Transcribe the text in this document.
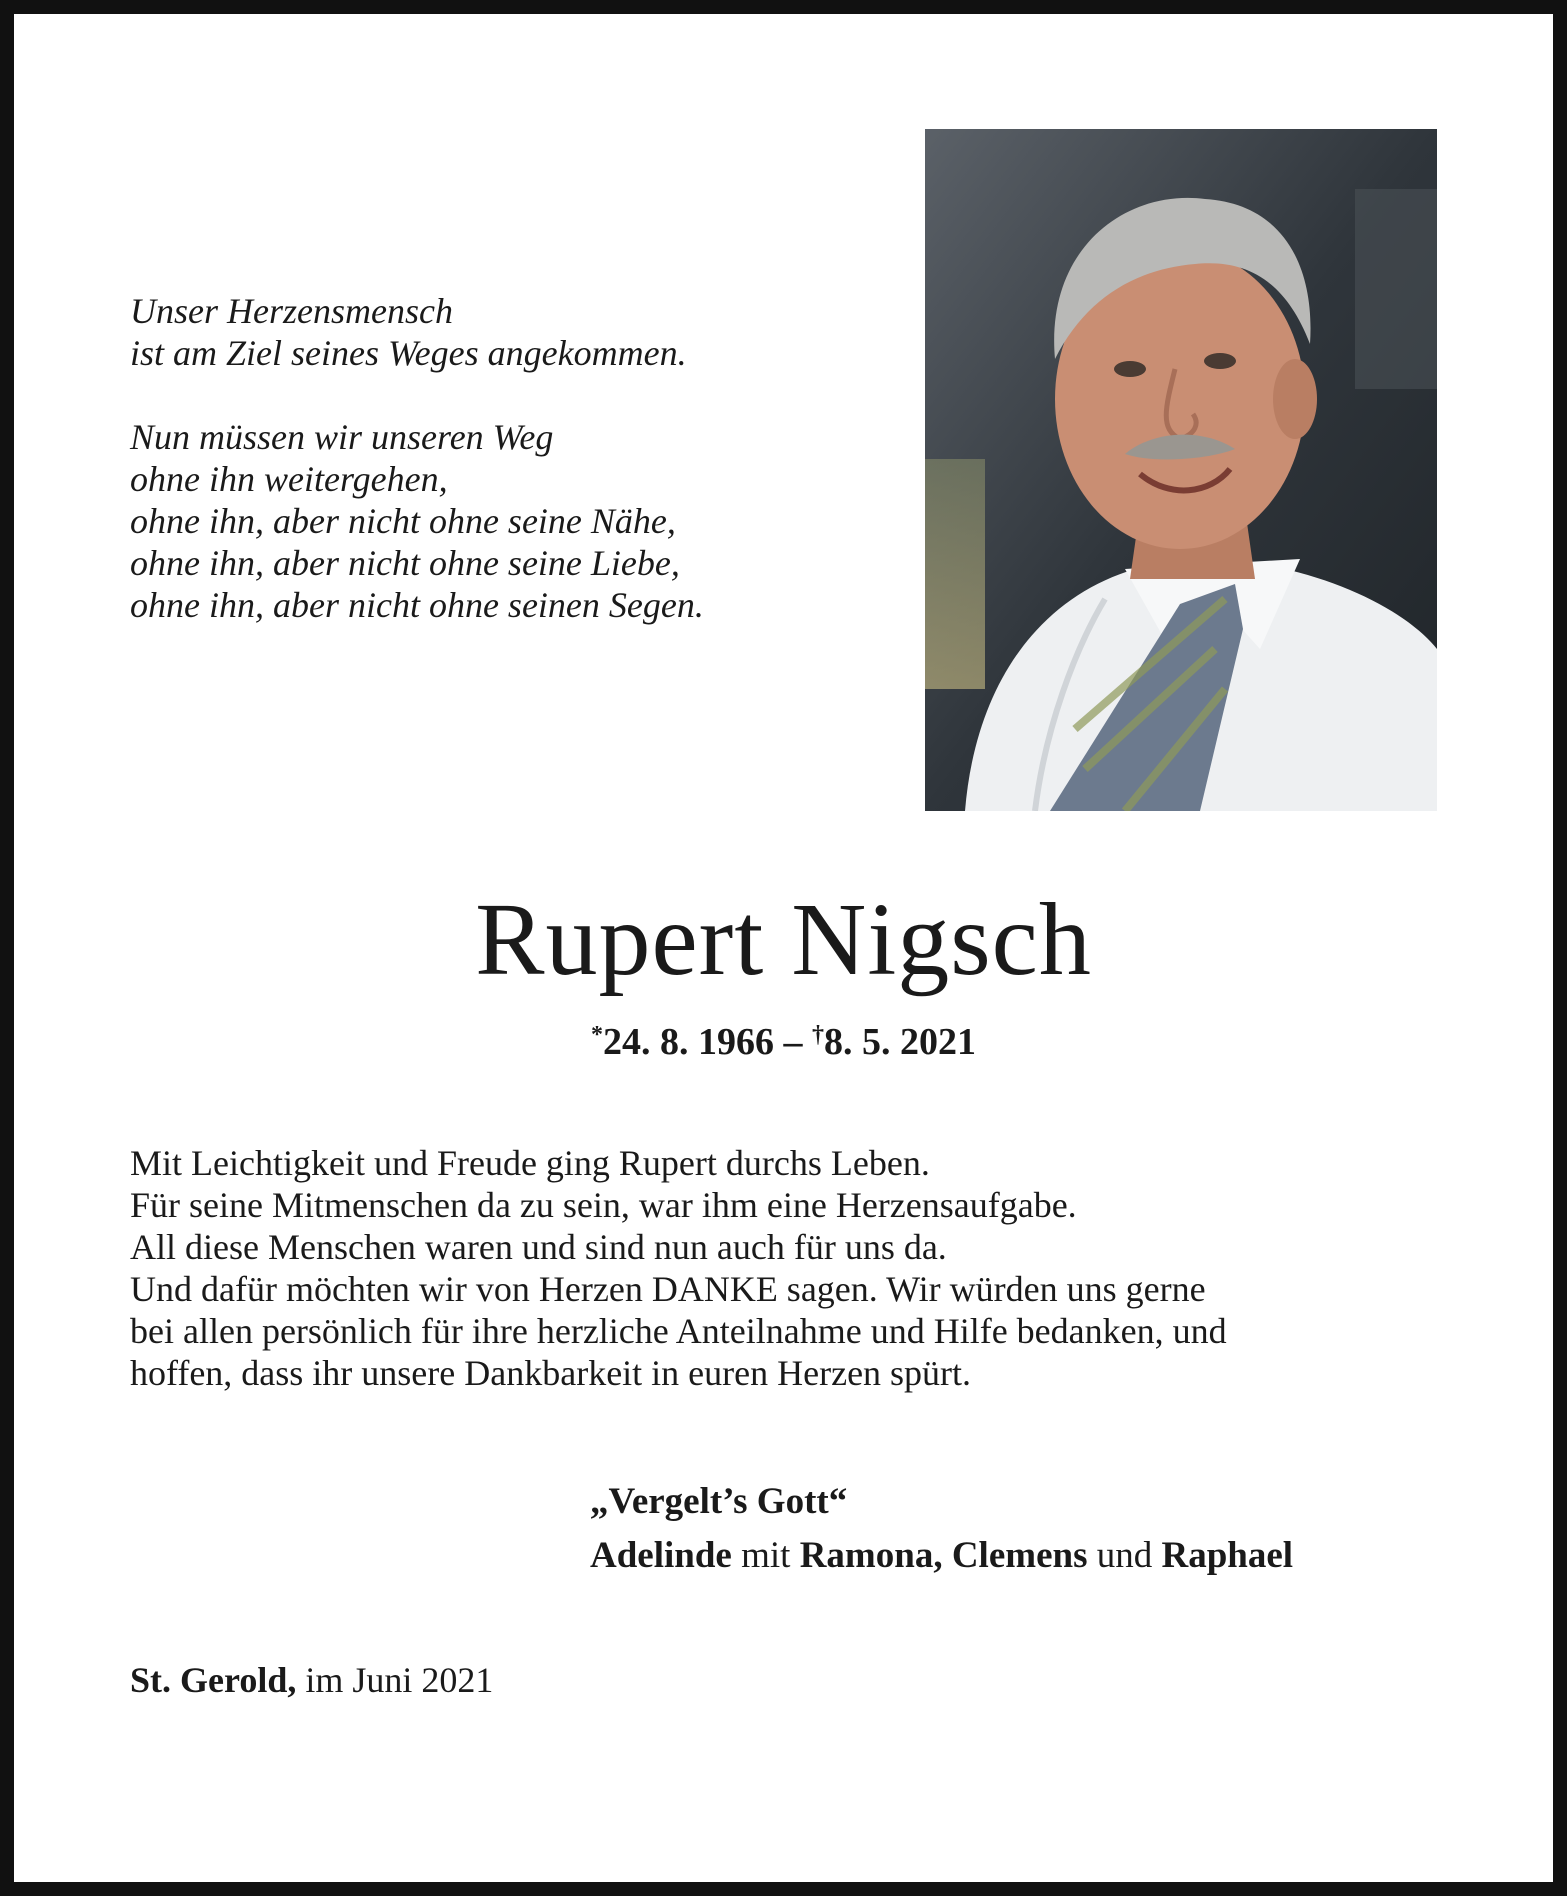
Unser Herzensmensch
ist am Ziel seines Weges angekommen.
Nun müssen wir unseren Weg
ohne ihn weitergehen,
ohne ihn, aber nicht ohne seine Nähe,
ohne ihn, aber nicht ohne seine Liebe,
ohne ihn, aber nicht ohne seinen Segen.
Rupert Nigsch
*24. 8. 1966 – †8. 5. 2021
Mit Leichtigkeit und Freude ging Rupert durchs Leben.
Für seine Mitmenschen da zu sein, war ihm eine Herzensaufgabe.
All diese Menschen waren und sind nun auch für uns da.
Und dafür möchten wir von Herzen DANKE sagen. Wir würden uns gerne
bei allen persönlich für ihre herzliche Anteilnahme und Hilfe bedanken, und
hoffen, dass ihr unsere Dankbarkeit in euren Herzen spürt.
„Vergelt’s Gott“
Adelinde mit Ramona, Clemens und Raphael
St. Gerold, im Juni 2021
